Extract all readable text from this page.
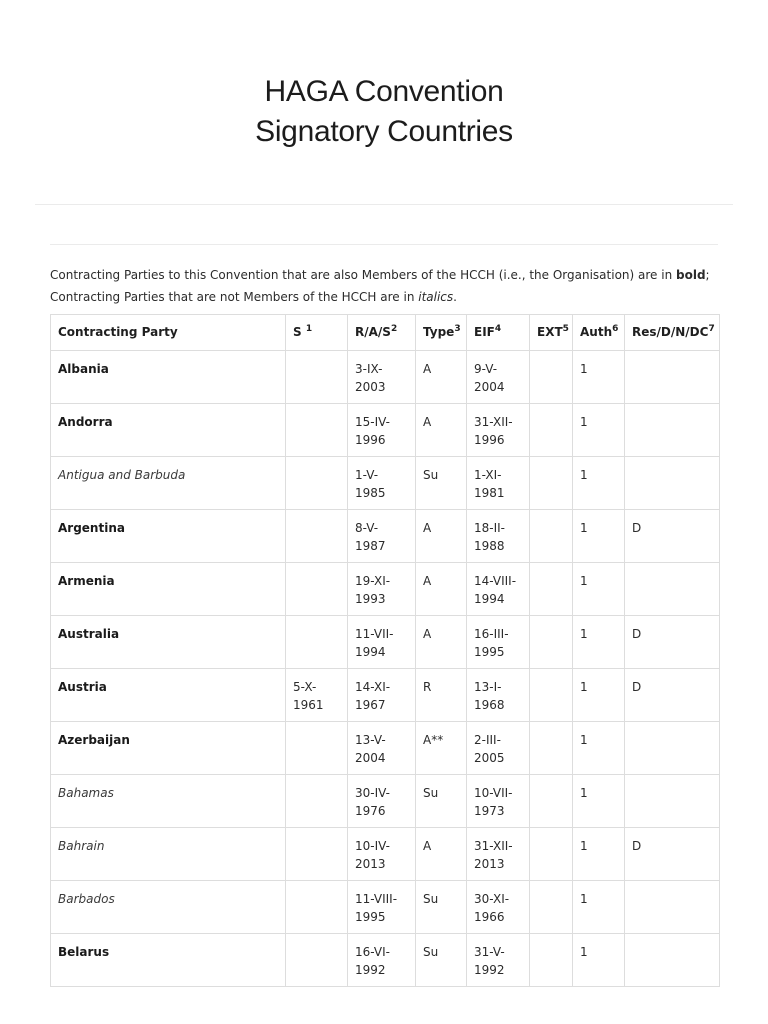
HAGA Convention
Signatory Countries
Contracting Parties to this Convention that are also Members of the HCCH (i.e., the Organisation) are in bold;
Contracting Parties that are not Members of the HCCH are in italics.
Contracting Party	S $^1$	$R/A/S^2$	Type$^3$	EIF$^4$	EXT$^5$	Auth$^6$	Res/$D/N/DC^7$
Albania		3-IX-2003	A	9-V-2004		1	
Andorra		15-IV-1996	A	31-XII-1996		1	
Antigua and Barbuda		1-V-1985	Su	1-XI-1981		1	
Argentina		8-V-1987	A	18-II-1988		1	D
Armenia		19-XI-1993	A	14-VIII-1994		1	
Australia		11-VII-1994	A	16-III-1995		1	D
Austria	5-X-1961	14-XI-1967	R	13-I-1968		1	D
Azerbaijan		13-V-2004	A**	2-III-2005		1	
Bahamas		30-IV-1976	Su	10-VII-1973		1	
Bahrain		10-IV-2013	A	31-XII-2013		1	D
Barbados		11-VIII-1995	Su	30-XI-1966		1	
Belarus		16-VI-1992	Su	31-V-1992		1	
